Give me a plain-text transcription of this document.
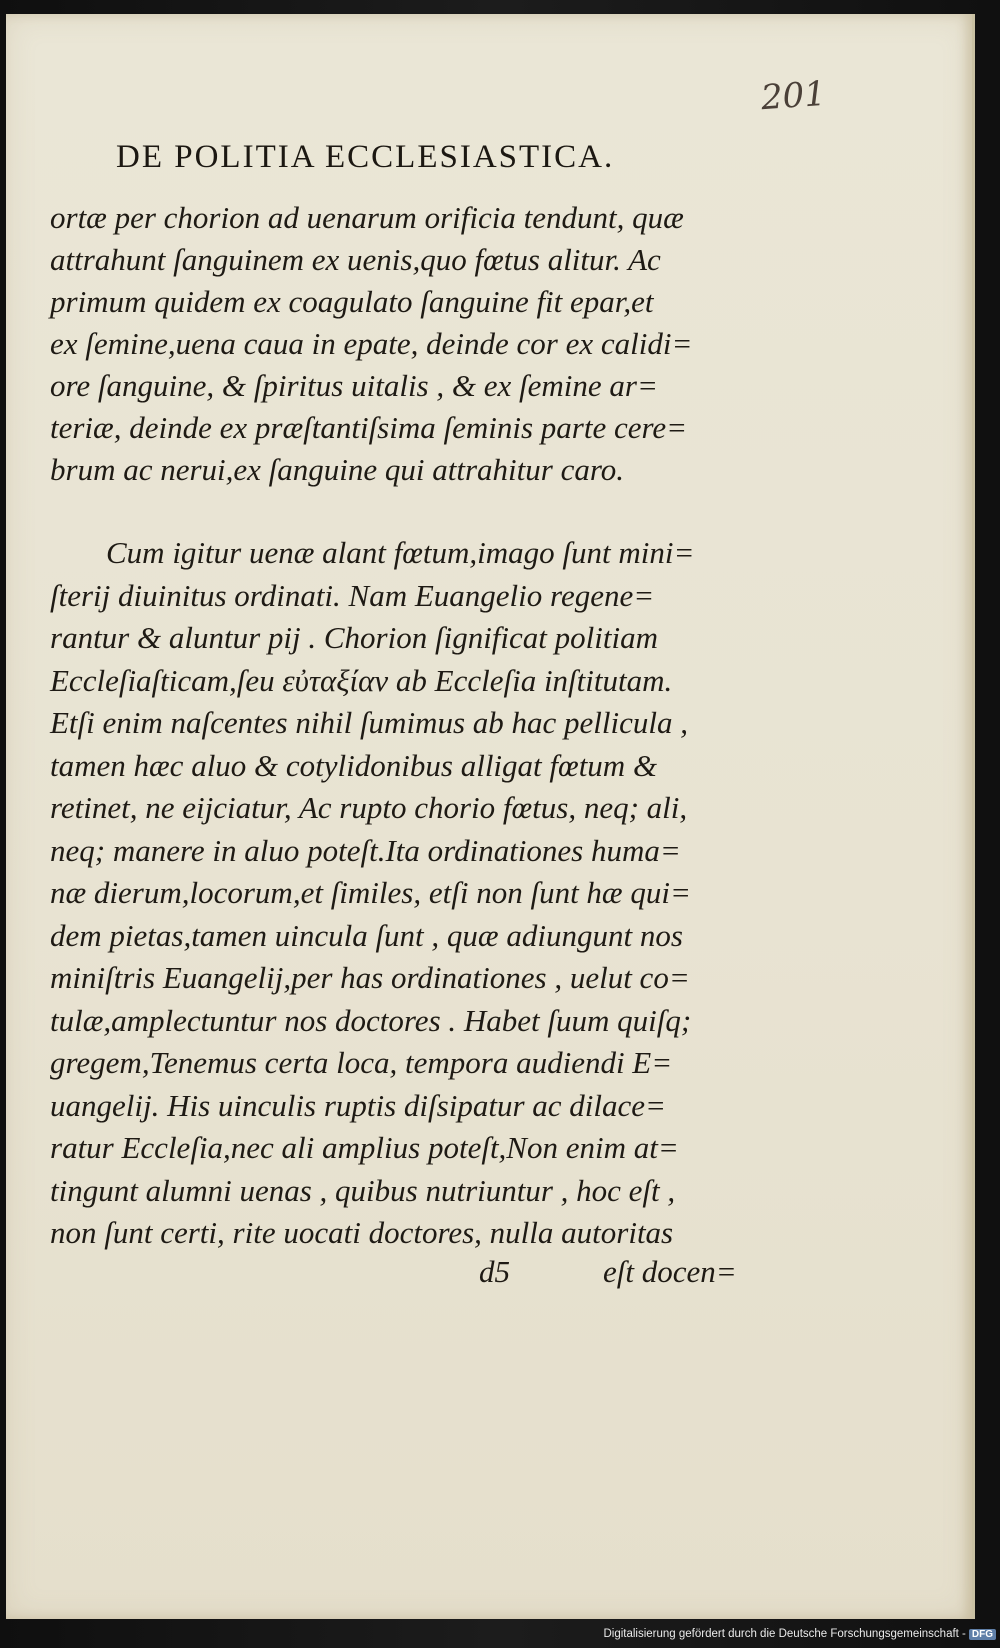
201
DE POLITIA ECCLESIASTICA.
ortæ per chorion ad uenarum orificia tendunt, quæ
attrahunt ſanguinem ex uenis,quo fœtus alitur. Ac
primum quidem ex coagulato ſanguine fit epar,et
ex ſemine,uena caua in epate, deinde cor ex calidi=
ore ſanguine, & ſpiritus uitalis , & ex ſemine ar=
teriæ, deinde ex præſtantiſsima ſeminis parte cere=
brum ac nerui,ex ſanguine qui attrahitur caro.
Cum igitur uenæ alant fœtum,imago ſunt mini=
ſterij diuinitus ordinati. Nam Euangelio regene=
rantur & aluntur pij . Chorion ſignificat politiam
Eccleſiaſticam,ſeu εὐταξίαν ab Eccleſia inſtitutam.
Etſi enim naſcentes nihil ſumimus ab hac pellicula ,
tamen hæc aluo & cotylidonibus alligat fœtum &
retinet, ne eijciatur, Ac rupto chorio fœtus, neq; ali,
neq; manere in aluo poteſt.Ita ordinationes huma=
næ dierum,locorum,et ſimiles, etſi non ſunt hæ qui=
dem pietas,tamen uincula ſunt , quæ adiungunt nos
miniſtris Euangelij,per has ordinationes , uelut co=
tulæ,amplectuntur nos doctores . Habet ſuum quiſq;
gregem,Tenemus certa loca, tempora audiendi E=
uangelij. His uinculis ruptis diſsipatur ac dilace=
ratur Eccleſia,nec ali amplius poteſt,Non enim at=
tingunt alumni uenas , quibus nutriuntur , hoc eſt ,
non ſunt certi, rite uocati doctores, nulla autoritas
d5	eſt docen=
Digitalisierung gefördert durch die Deutsche Forschungsgemeinschaft - DFG
